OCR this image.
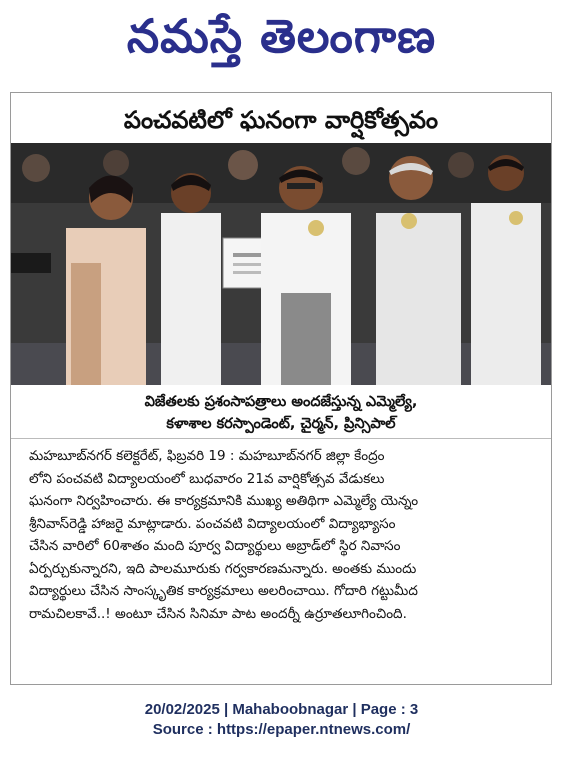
నమస్తే తెలంగాణ
పంచవటిలో ఘనంగా వార్షికోత్సవం
విజేతలకు ప్రశంసాపత్రాలు అందజేస్తున్న ఎమ్మెల్యే,
కళాశాల కరస్పాండెంట్, చైర్మన్, ప్రిన్సిపాల్
మహబూబ్‌నగర్ కలెక్టరేట్, ఫిబ్రవరి 19 : మహబూబ్‌నగర్ జిల్లా కేంద్రం
లోని పంచవటి విద్యాలయంలో బుధవారం 21వ వార్షికోత్సవ వేడుకలు
ఘనంగా నిర్వహించారు. ఈ కార్యక్రమానికి ముఖ్య అతిథిగా ఎమ్మెల్యే యెన్నం
శ్రీనివాస్‌రెడ్డి హాజరై మాట్లాడారు. పంచవటి విద్యాలయంలో విద్యాభ్యాసం
చేసిన వారిలో 60శాతం మంది పూర్వ విద్యార్థులు అబ్రాడ్‌లో స్థిర నివాసం
ఏర్పర్చుకున్నారని, ఇది పాలమూరుకు గర్వకారణమన్నారు. అంతకు ముందు
విద్యార్థులు చేసిన సాంస్కృతిక కార్యక్రమాలు అలరించాయి. గోదారి గట్టుమీద
రామచిలకావే..! అంటూ చేసిన సినిమా పాట అందర్నీ ఉర్రూతలూగించింది.
20/02/2025 | Mahaboobnagar | Page : 3
Source : https://epaper.ntnews.com/
